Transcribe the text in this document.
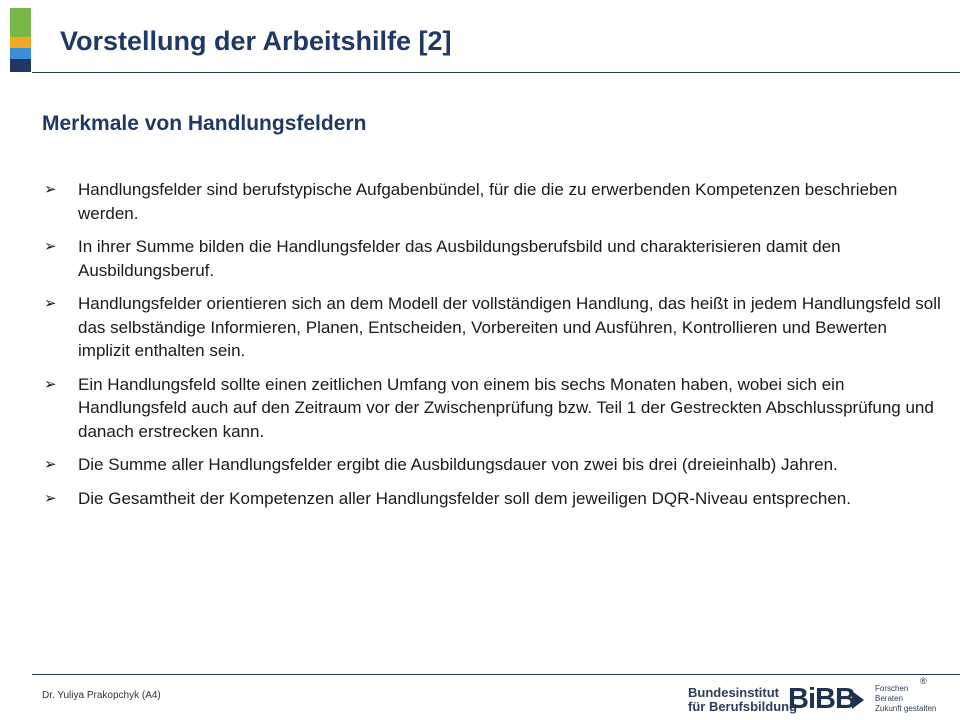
Vorstellung der Arbeitshilfe [2]
Merkmale von Handlungsfeldern
➢ Handlungsfelder sind berufstypische Aufgabenbündel, für die die zu erwerbenden Kompetenzen beschrieben werden.
➢ In ihrer Summe bilden die Handlungsfelder das Ausbildungsberufsbild und charakterisieren damit den Ausbildungsberuf.
➢ Handlungsfelder orientieren sich an dem Modell der vollständigen Handlung, das heißt in jedem Handlungsfeld soll das selbständige Informieren, Planen, Entscheiden, Vorbereiten und Ausführen, Kontrollieren und Bewerten implizit enthalten sein.
➢ Ein Handlungsfeld sollte einen zeitlichen Umfang von einem bis sechs Monaten haben, wobei sich ein Handlungsfeld auch auf den Zeitraum vor der Zwischenprüfung bzw. Teil 1 der Gestreckten Abschlussprüfung und danach erstrecken kann.
➢ Die Summe aller Handlungsfelder ergibt die Ausbildungsdauer von zwei bis drei (dreieinhalb) Jahren.
➢ Die Gesamtheit der Kompetenzen aller Handlungsfelder soll dem jeweiligen DQR-Niveau entsprechen.
Dr. Yuliya Prakopchyk (A4)
®
Bundesinstitut
für Berufsbildung
BiBB	Forschen
Beraten
Zukunft gestalten
